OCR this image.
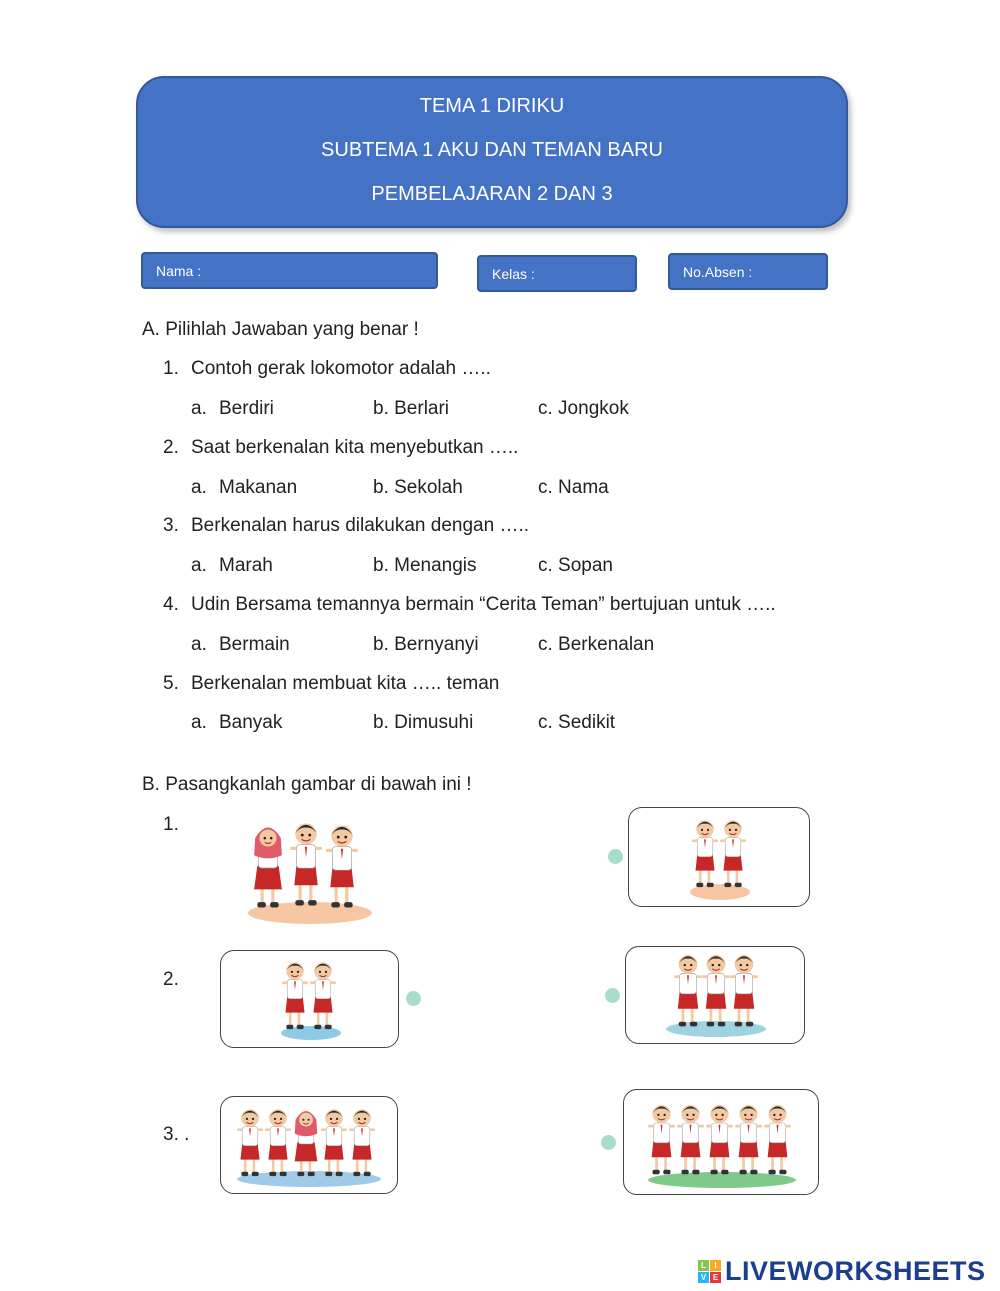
TEMA 1 DIRIKU
SUBTEMA 1 AKU DAN TEMAN BARU
PEMBELAJARAN 2 DAN 3
Nama :	Kelas :	No.Absen :
A. Pilihlah Jawaban yang benar !
1. Contoh gerak lokomotor adalah …..
a. Berdiri	b. Berlari	c. Jongkok
2. Saat berkenalan kita menyebutkan …..
a. Makanan	b. Sekolah	c. Nama
3. Berkenalan harus dilakukan dengan …..
a. Marah	b. Menangis	c. Sopan
4. Udin Bersama temannya bermain “Cerita Teman” bertujuan untuk …..
a. Bermain	b. Bernyanyi	c. Berkenalan
5. Berkenalan membuat kita ….. teman
a. Banyak	b. Dimusuhi	c. Sedikit
B. Pasangkanlah gambar di bawah ini !
1.
2.
3. .
L	I
V E LIVEWORKSHEETS
